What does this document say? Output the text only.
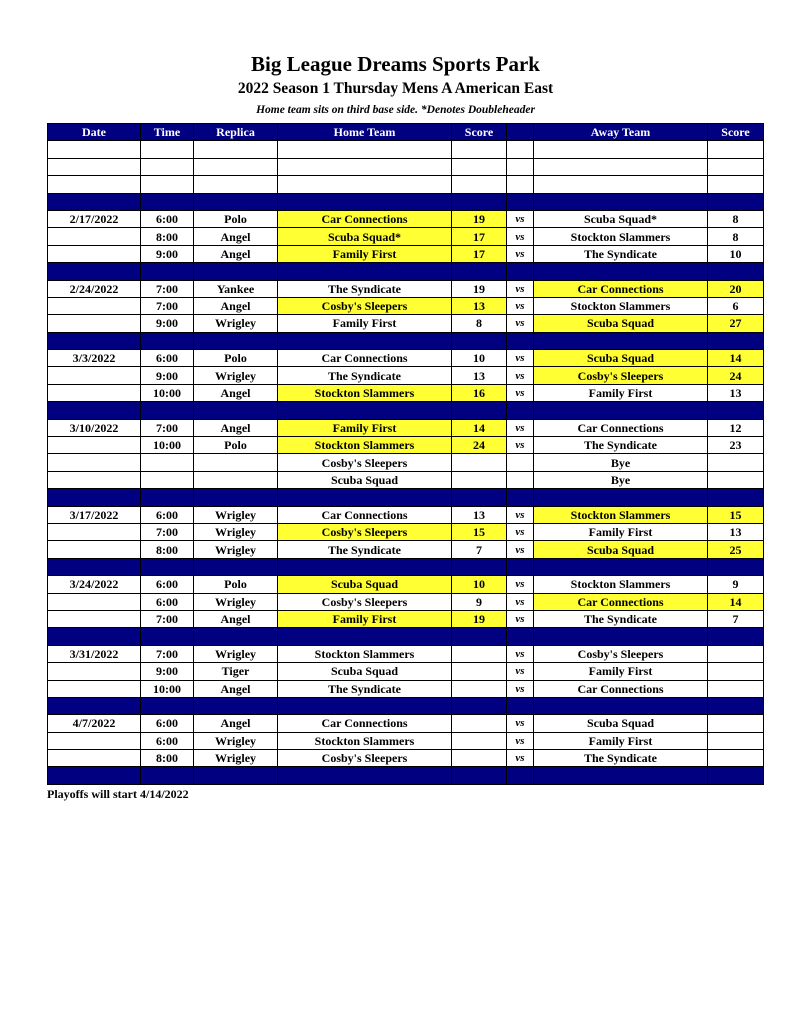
Big League Dreams Sports Park
2022 Season 1 Thursday Mens A American East
Home team sits on third base side. *Denotes Doubleheader
Date	Time	Replica	Home Team	Score		Away Team	Score

2/17/2022	6:00	Polo	Car Connections	19	vs	Scuba Squad*	8
	8:00	Angel	Scuba Squad*	17	vs	Stockton Slammers	8
	9:00	Angel	Family First	17	vs	The Syndicate	10

2/24/2022	7:00	Yankee	The Syndicate	19	vs	Car Connections	20
	7:00	Angel	Cosby's Sleepers	13	vs	Stockton Slammers	6
	9:00	Wrigley	Family First	8	vs	Scuba Squad	27

3/3/2022	6:00	Polo	Car Connections	10	vs	Scuba Squad	14
	9:00	Wrigley	The Syndicate	13	vs	Cosby's Sleepers	24
	10:00	Angel	Stockton Slammers	16	vs	Family First	13

3/10/2022	7:00	Angel	Family First	14	vs	Car Connections	12
	10:00	Polo	Stockton Slammers	24	vs	The Syndicate	23
			Cosby's Sleepers			Bye	
			Scuba Squad			Bye	

3/17/2022	6:00	Wrigley	Car Connections	13	vs	Stockton Slammers	15
	7:00	Wrigley	Cosby's Sleepers	15	vs	Family First	13
	8:00	Wrigley	The Syndicate	7	vs	Scuba Squad	25

3/24/2022	6:00	Polo	Scuba Squad	10	vs	Stockton Slammers	9
	6:00	Wrigley	Cosby's Sleepers	9	vs	Car Connections	14
	7:00	Angel	Family First	19	vs	The Syndicate	7

3/31/2022	7:00	Wrigley	Stockton Slammers		vs	Cosby's Sleepers	
	9:00	Tiger	Scuba Squad		vs	Family First	
	10:00	Angel	The Syndicate		vs	Car Connections	

4/7/2022	6:00	Angel	Car Connections		vs	Scuba Squad	
	6:00	Wrigley	Stockton Slammers		vs	Family First	
	8:00	Wrigley	Cosby's Sleepers		vs	The Syndicate	

Playoffs will start 4/14/2022
